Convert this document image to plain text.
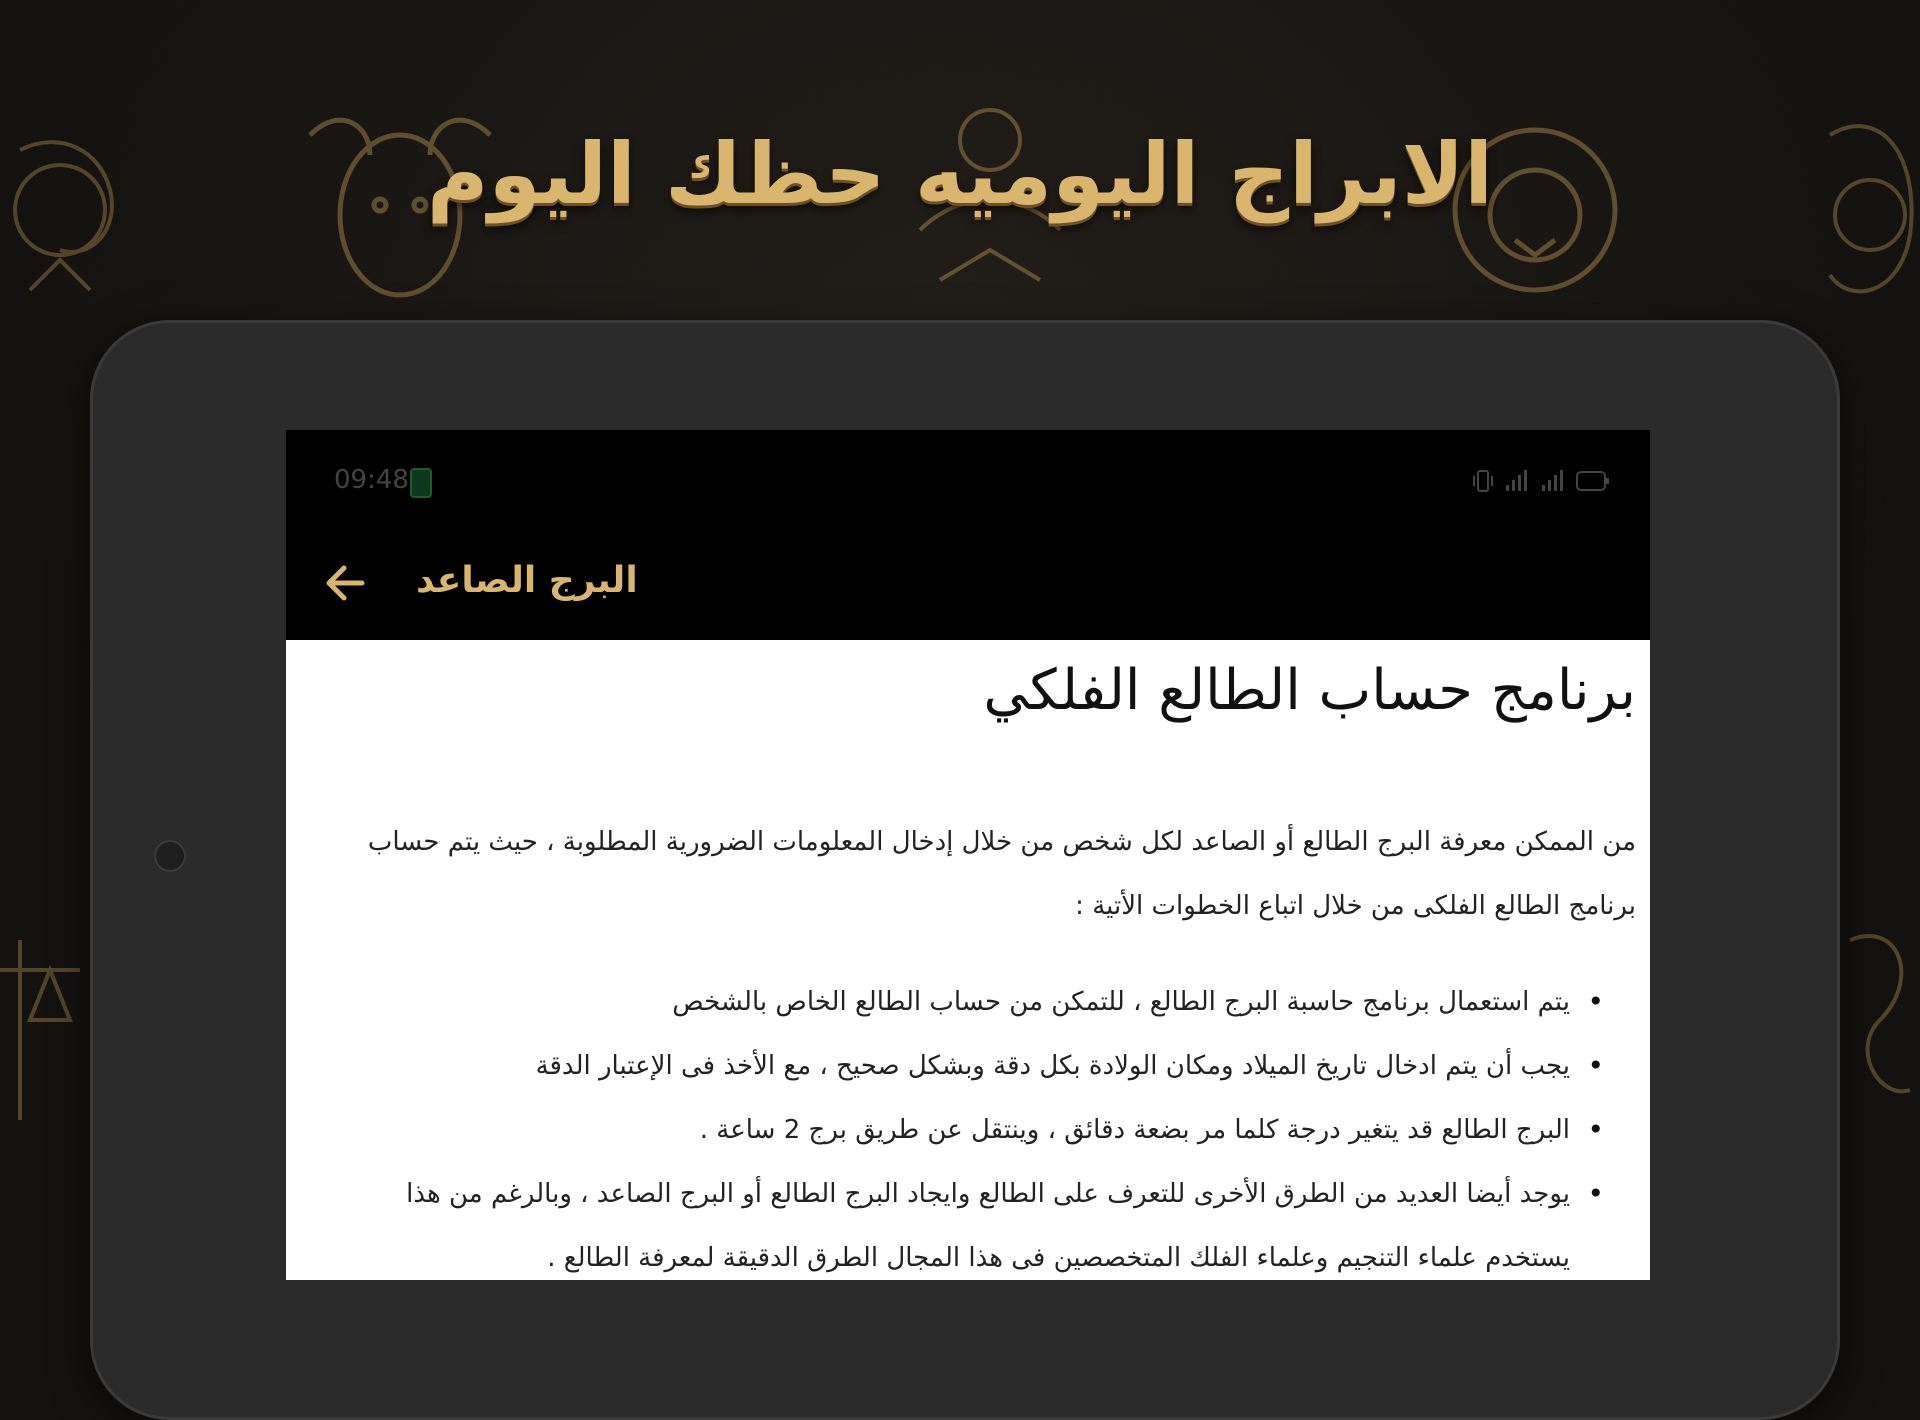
الابراج اليوميه حظك اليوم
09:48
البرج الصاعد
برنامج حساب الطالع الفلكي

من الممكن معرفة البرج الطالع أو الصاعد لكل شخص من خلال إدخال المعلومات الضرورية المطلوبة ، حيث يتم حساب برنامج الطالع الفلكى من خلال اتباع الخطوات الأتية :

• يتم استعمال برنامج حاسبة البرج الطالع ، للتمكن من حساب الطالع الخاص بالشخص
• يجب أن يتم ادخال تاريخ الميلاد ومكان الولادة بكل دقة وبشكل صحيح ، مع الأخذ فى الإعتبار الدقة
• البرج الطالع قد يتغير درجة كلما مر بضعة دقائق ، وينتقل عن طريق برج 2 ساعة .
• يوجد أيضا العديد من الطرق الأخرى للتعرف على الطالع وايجاد البرج الطالع أو البرج الصاعد ، وبالرغم من هذا يستخدم علماء التنجيم وعلماء الفلك المتخصصين فى هذا المجال الطرق الدقيقة لمعرفة الطالع .
